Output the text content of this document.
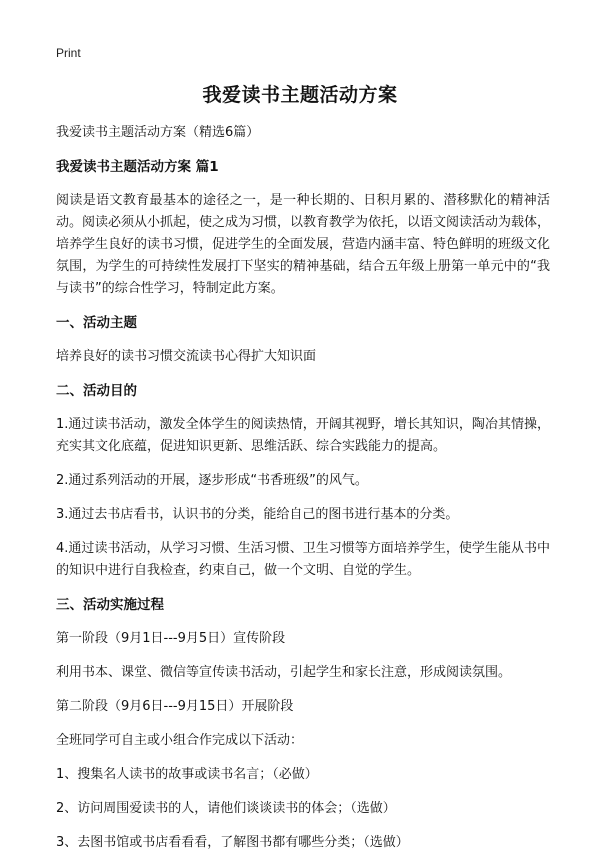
Print
我爱读书主题活动方案

我爱读书主题活动方案（精选6篇）

我爱读书主题活动方案 篇1

阅读是语文教育最基本的途径之一，是一种长期的、日积月累的、潜移默化的精神活动。阅读必须从小抓起，使之成为习惯，以教育教学为依托，以语文阅读活动为载体，培养学生良好的读书习惯，促进学生的全面发展，营造内涵丰富、特色鲜明的班级文化氛围，为学生的可持续性发展打下坚实的精神基础，结合五年级上册第一单元中的“我与读书”的综合性学习，特制定此方案。

一、活动主题

培养良好的读书习惯交流读书心得扩大知识面

二、活动目的

1.通过读书活动，激发全体学生的阅读热情，开阔其视野，增长其知识，陶冶其情操，充实其文化底蕴，促进知识更新、思维活跃、综合实践能力的提高。

2.通过系列活动的开展，逐步形成“书香班级”的风气。

3.通过去书店看书，认识书的分类，能给自己的图书进行基本的分类。

4.通过读书活动，从学习习惯、生活习惯、卫生习惯等方面培养学生，使学生能从书中的知识中进行自我检查，约束自己，做一个文明、自觉的学生。

三、活动实施过程

第一阶段（9月1日---9月5日）宣传阶段

利用书本、课堂、微信等宣传读书活动，引起学生和家长注意，形成阅读氛围。

第二阶段（9月6日---9月15日）开展阶段

全班同学可自主或小组合作完成以下活动：

1、搜集名人读书的故事或读书名言；（必做）

2、访问周围爱读书的人，请他们谈谈读书的体会；（选做）

3、去图书馆或书店看看看，了解图书都有哪些分类；（选做）
